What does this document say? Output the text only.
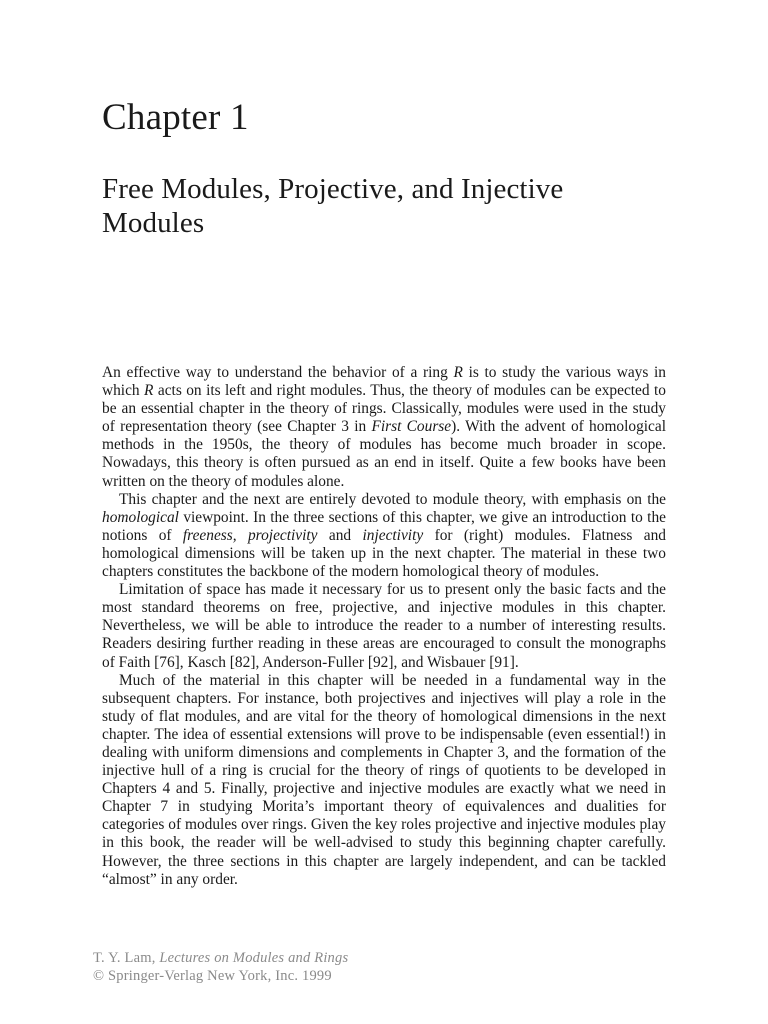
Chapter 1
Free Modules, Projective, and Injective
Modules

An effective way to understand the behavior of a ring R is to study the various ways in which R acts on its left and right modules. Thus, the theory of modules can be expected to be an essential chapter in the theory of rings. Classically, modules were used in the study of representation theory (see Chapter 3 in First Course). With the advent of homological methods in the 1950s, the theory of modules has become much broader in scope. Nowadays, this theory is often pursued as an end in itself. Quite a few books have been written on the theory of modules alone.

This chapter and the next are entirely devoted to module theory, with emphasis on the homological viewpoint. In the three sections of this chapter, we give an introduction to the notions of freeness, projectivity and injectivity for (right) modules. Flatness and homological dimensions will be taken up in the next chapter. The material in these two chapters constitutes the backbone of the modern homological theory of modules.

Limitation of space has made it necessary for us to present only the basic facts and the most standard theorems on free, projective, and injective modules in this chapter. Nevertheless, we will be able to introduce the reader to a number of interesting results. Readers desiring further reading in these areas are encouraged to consult the monographs of Faith [76], Kasch [82], Anderson-Fuller [92], and Wisbauer [91].

Much of the material in this chapter will be needed in a fundamental way in the subsequent chapters. For instance, both projectives and injectives will play a role in the study of flat modules, and are vital for the theory of homological dimensions in the next chapter. The idea of essential extensions will prove to be indispensable (even essential!) in dealing with uniform dimensions and complements in Chapter 3, and the formation of the injective hull of a ring is crucial for the theory of rings of quotients to be developed in Chapters 4 and 5. Finally, projective and injective modules are exactly what we need in Chapter 7 in studying Morita’s important theory of equivalences and dualities for categories of modules over rings. Given the key roles projective and injective modules play in this book, the reader will be well-advised to study this beginning chapter carefully. However, the three sections in this chapter are largely independent, and can be tackled “almost” in any order.

T. Y. Lam, Lectures on Modules and Rings
© Springer-Verlag New York, Inc. 1999
